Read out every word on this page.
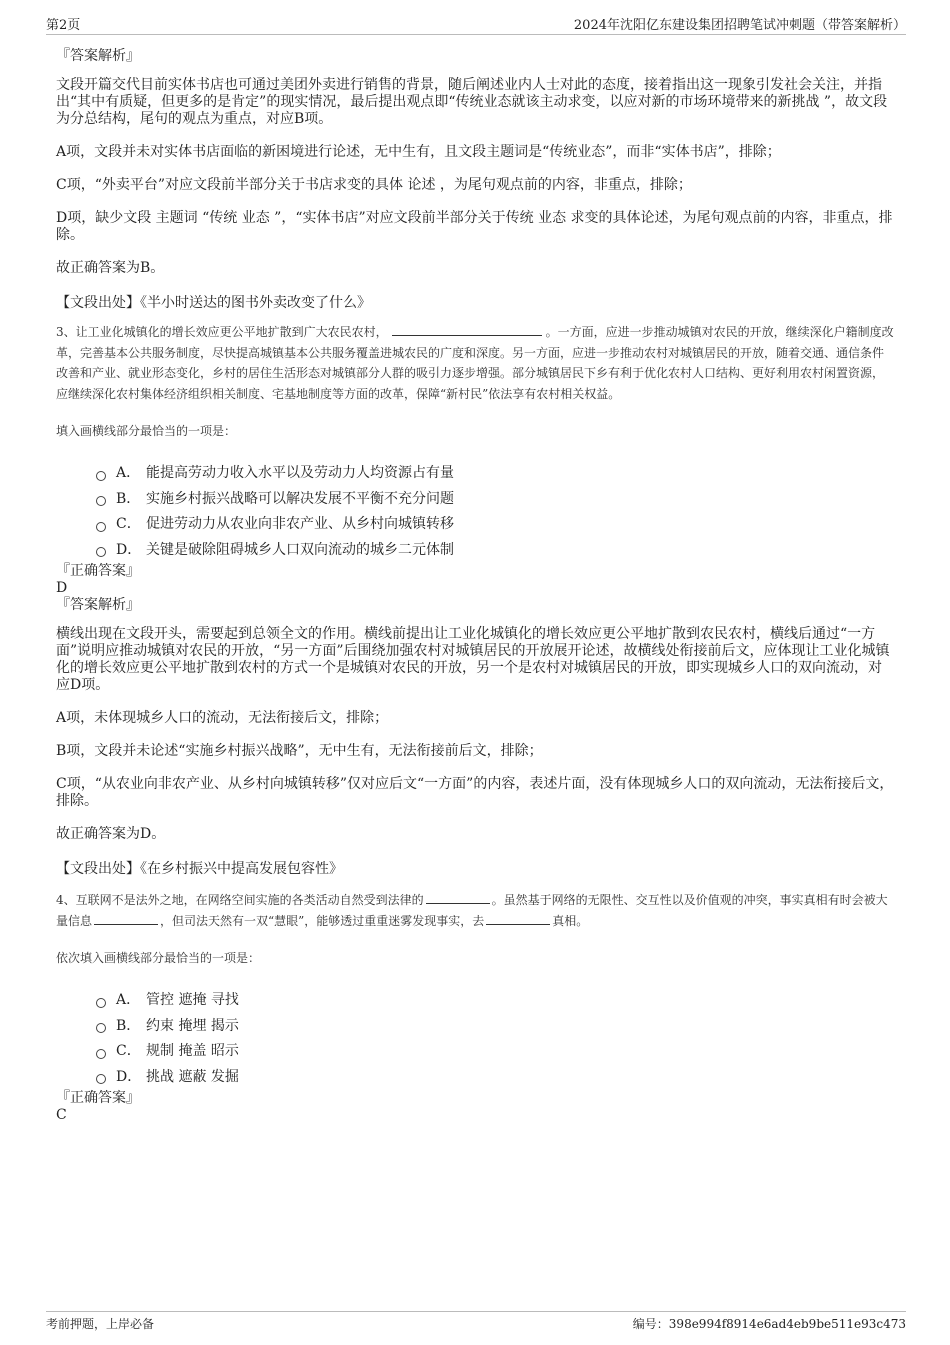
第2页	2024年沈阳亿东建设集团招聘笔试冲刺题（带答案解析）

『答案解析』

文段开篇交代目前实体书店也可通过美团外卖进行销售的背景，随后阐述业内人士对此的态度，接着指出这一现象引发社会关注，并指出“其中有质疑，但更多的是肯定”的现实情况，最后提出观点即“传统业态就该主动求变，以应对新的市场环境带来的新挑战 ”，故文段为分总结构，尾句的观点为重点，对应B项。

A项，文段并未对实体书店面临的新困境进行论述，无中生有，且文段主题词是“传统业态”，而非“实体书店”，排除；

C项，“外卖平台”对应文段前半部分关于书店求变的具体 论述 ，为尾句观点前的内容，非重点，排除；

D项，缺少文段 主题词 “传统 业态 ”，“实体书店”对应文段前半部分关于传统 业态 求变的具体论述，为尾句观点前的内容，非重点，排除。

故正确答案为B。

【文段出处】《半小时送达的图书外卖改变了什么》

3、让工业化城镇化的增长效应更公平地扩散到广大农民农村，	。一方面，应进一步推动城镇对农民的开放，继续深化户籍制度改革，完善基本公共服务制度，尽快提高城镇基本公共服务覆盖进城农民的广度和深度。另一方面，应进一步推动农村对城镇居民的开放，随着交通、通信条件改善和产业、就业形态变化，乡村的居住生活形态对城镇部分人群的吸引力逐步增强。部分城镇居民下乡有利于优化农村人口结构、更好利用农村闲置资源，应继续深化农村集体经济组织相关制度、宅基地制度等方面的改革，保障“新村民”依法享有农村相关权益。

填入画横线部分最恰当的一项是：

A． 能提高劳动力收入水平以及劳动力人均资源占有量
B． 实施乡村振兴战略可以解决发展不平衡不充分问题
C． 促进劳动力从农业向非农产业、从乡村向城镇转移
D． 关键是破除阻碍城乡人口双向流动的城乡二元体制

『正确答案』

D

『答案解析』

横线出现在文段开头，需要起到总领全文的作用。横线前提出让工业化城镇化的增长效应更公平地扩散到农民农村，横线后通过“一方面”说明应推动城镇对农民的开放，“另一方面”后围绕加强农村对城镇居民的开放展开论述，故横线处衔接前后文，应体现让工业化城镇化的增长效应更公平地扩散到农村的方式一个是城镇对农民的开放，另一个是农村对城镇居民的开放，即实现城乡人口的双向流动，对应D项。

A项，未体现城乡人口的流动，无法衔接后文，排除；

B项，文段并未论述“实施乡村振兴战略”，无中生有，无法衔接前后文，排除；

C项，“从农业向非农产业、从乡村向城镇转移”仅对应后文“一方面”的内容，表述片面，没有体现城乡人口的双向流动，无法衔接后文，排除。

故正确答案为D。

【文段出处】《在乡村振兴中提高发展包容性》

4、互联网不是法外之地，在网络空间实施的各类活动自然受到法律的	。虽然基于网络的无限性、交互性以及价值观的冲突，事实真相有时会被大量信息	，但司法天然有一双“慧眼”，能够透过重重迷雾发现事实，去	真相。

依次填入画横线部分最恰当的一项是：

A． 管控 遮掩 寻找
B． 约束 掩埋 揭示
C． 规制 掩盖 昭示
D． 挑战 遮蔽 发掘

『正确答案』

C

考前押题，上岸必备	编号：398e994f8914e6ad4eb9be511e93c473
